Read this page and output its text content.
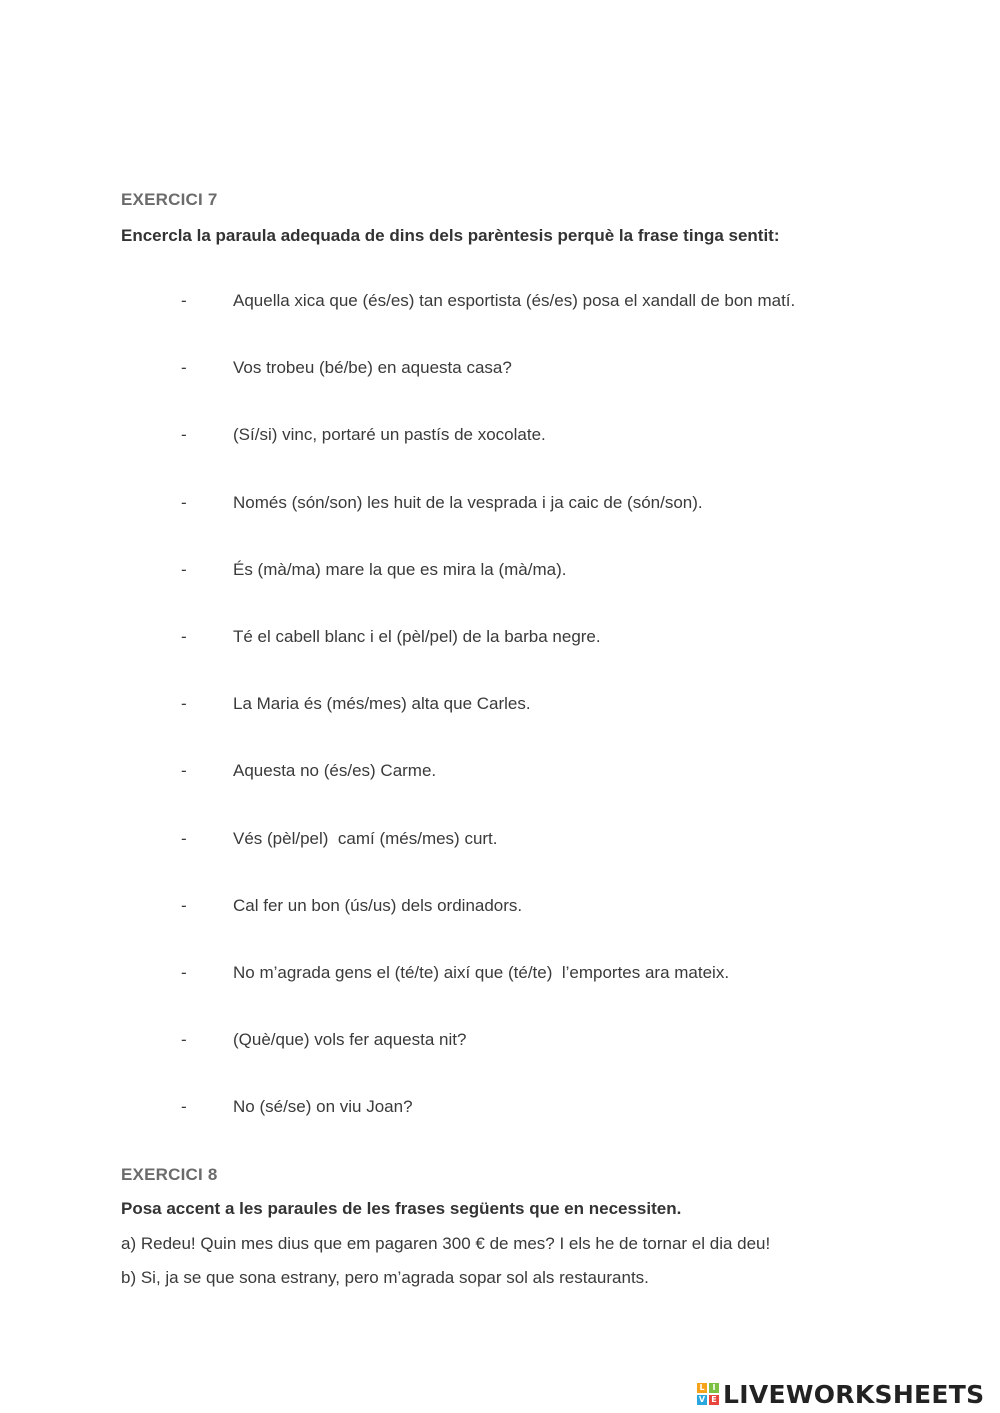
EXERCICI 7
Encercla la paraula adequada de dins dels parèntesis perquè la frase tinga sentit:
-	Aquella xica que (és/es) tan esportista (és/es) posa el xandall de bon matí.
-	Vos trobeu (bé/be) en aquesta casa?
-	(Sí/si) vinc, portaré un pastís de xocolate.
-	Només (són/son) les huit de la vesprada i ja caic de (són/son).
-	És (mà/ma) mare la que es mira la (mà/ma).
-	Té el cabell blanc i el (pèl/pel) de la barba negre.
-	La Maria és (més/mes) alta que Carles.
-	Aquesta no (és/es) Carme.
-	Vés (pèl/pel)  camí (més/mes) curt.
-	Cal fer un bon (ús/us) dels ordinadors.
-	No m’agrada gens el (té/te) així que (té/te)  l’emportes ara mateix.
-	(Què/que) vols fer aquesta nit?
-	No (sé/se) on viu Joan?
EXERCICI 8
Posa accent a les paraules de les frases següents que en necessiten.
a) Redeu! Quin mes dius que em pagaren 300 € de mes? I els he de tornar el dia deu!
b) Si, ja se que sona estrany, pero m’agrada sopar sol als restaurants.
L I
V E LIVEWORKSHEETS
